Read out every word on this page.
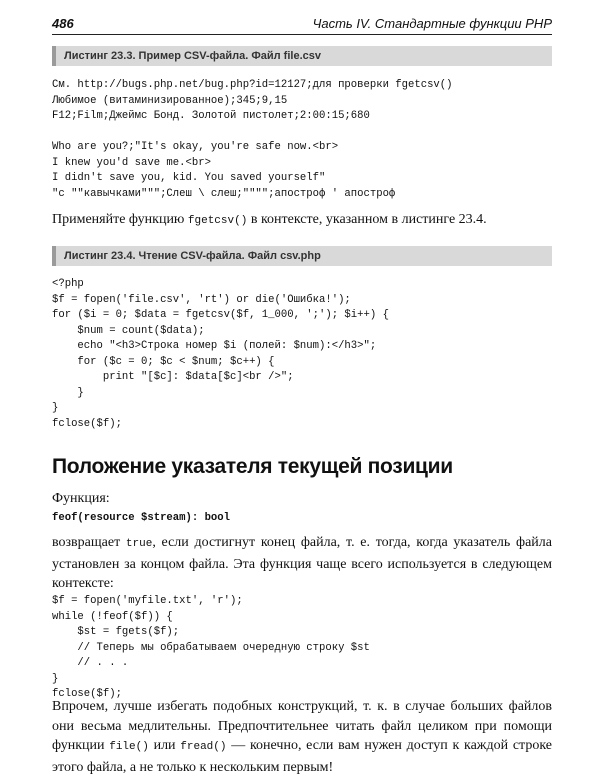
486	Часть IV. Стандартные функции PHP
Листинг 23.3. Пример CSV-файла. Файл file.csv
См. http://bugs.php.net/bug.php?id=12127;для проверки fgetcsv()
Любимое (витаминизированное);345;9,15
F12;Film;Джеймс Бонд. Золотой пистолет;2:00:15;680

Who are you?;"It's okay, you're safe now.<br>
I knew you'd save me.<br>
I didn't save you, kid. You saved yourself"
"с ""кавычками""";Слеш \ слеш;"""";апостроф ' апостроф
Применяйте функцию fgetcsv() в контексте, указанном в листинге 23.4.
Листинг 23.4. Чтение CSV-файла. Файл csv.php
<?php
$f = fopen('file.csv', 'rt') or die('Ошибка!');
for ($i = 0; $data = fgetcsv($f, 1_000, ';'); $i++) {
$num = count($data);
echo "<h3>Строка номер $i (полей: $num):</h3>";
for ($c = 0; $c < $num; $c++) {
print "[$c]: $data[$c]<br />";
}
}
fclose($f);
Положение указателя текущей позиции
Функция:
feof(resource $stream): bool
возвращает true, если достигнут конец файла, т. е. тогда, когда указатель файла установлен за концом файла. Эта функция чаще всего используется в следующем контексте:
$f = fopen('myfile.txt', 'r');
while (!feof($f)) {
$st = fgets($f);
// Теперь мы обрабатываем очередную строку $st
// . . .
}
fclose($f);
Впрочем, лучше избегать подобных конструкций, т. к. в случае больших файлов они весьма медлительны. Предпочтительнее читать файл целиком при помощи функции file() или fread() — конечно, если вам нужен доступ к каждой строке этого файла, а не только к нескольким первым!
